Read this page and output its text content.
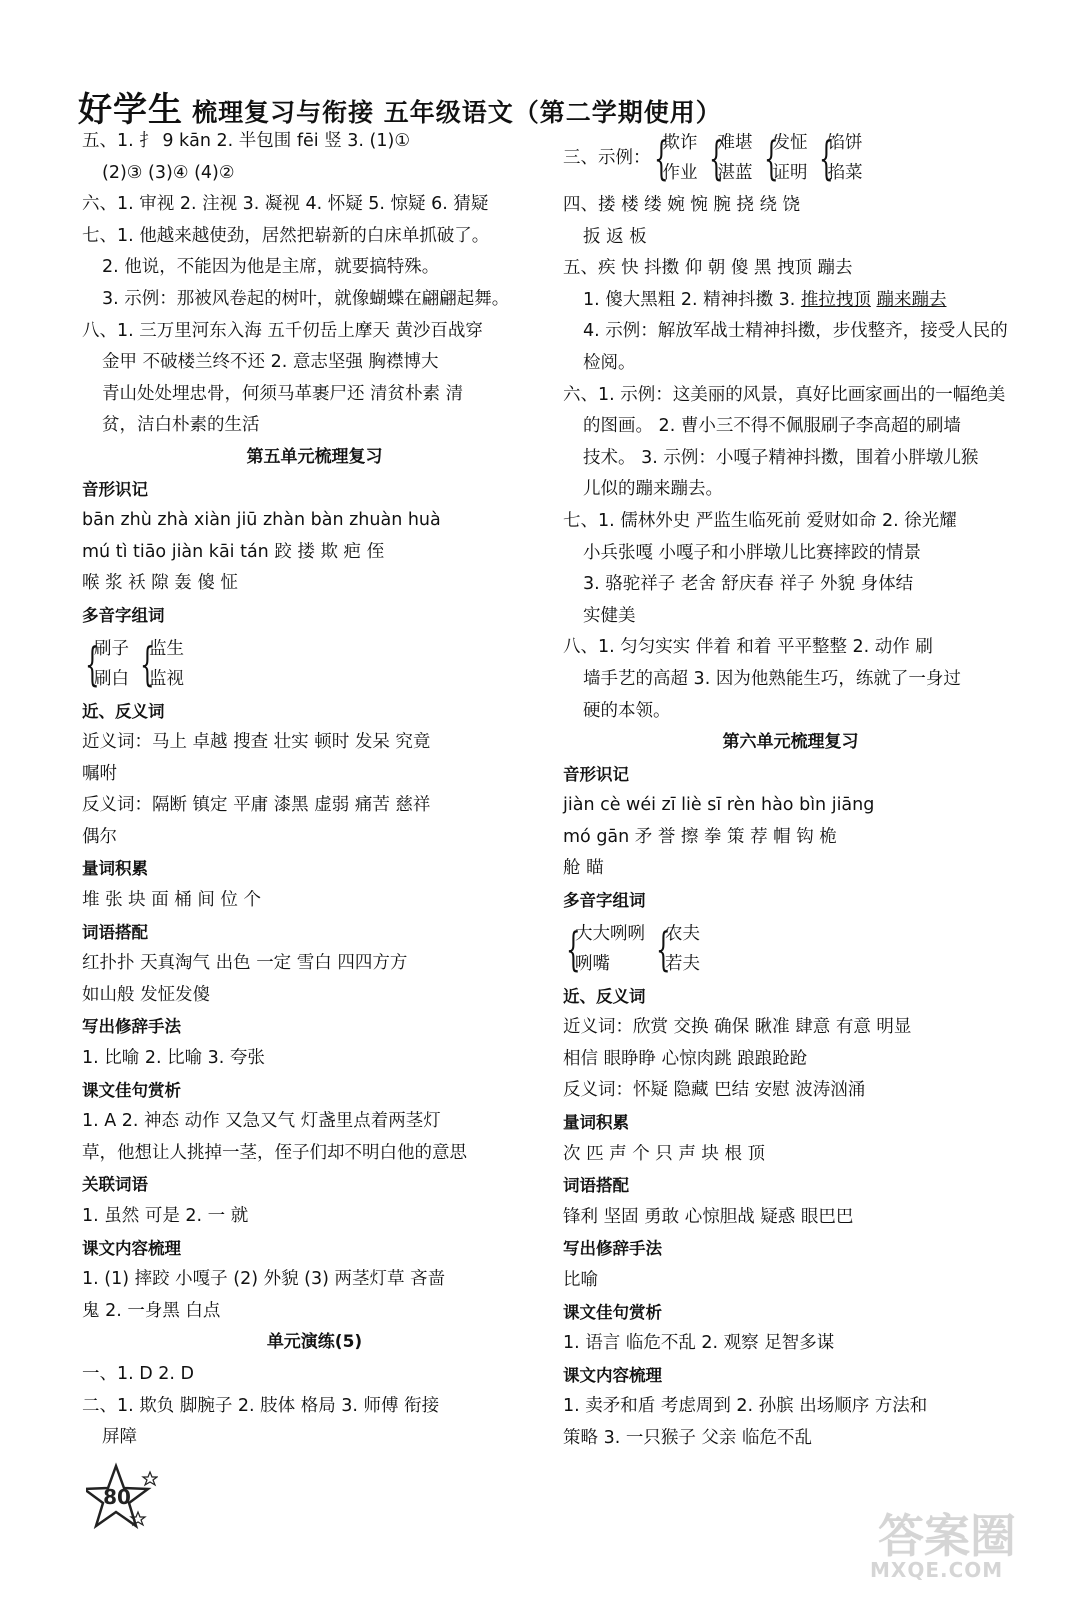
好学生 梳理复习与衔接 五年级语文（第二学期使用）
五、1. 扌 9 kān 2. 半包围 fēi 竖 3. (1)①
(2)③ (3)④ (4)②
六、1. 审视 2. 注视 3. 凝视 4. 怀疑 5. 惊疑 6. 猜疑
七、1. 他越来越使劲，居然把崭新的白床单抓破了。
2. 他说，不能因为他是主席，就要搞特殊。
3. 示例：那被风卷起的树叶，就像蝴蝶在翩翩起舞。
八、1. 三万里河东入海 五千仞岳上摩天 黄沙百战穿
金甲 不破楼兰终不还 2. 意志坚强 胸襟博大
青山处处埋忠骨，何须马革裹尸还 清贫朴素 清
贫，洁白朴素的生活
第五单元梳理复习
音形识记
bān zhù zhà xiàn jiū zhàn bàn zhuàn huà
mú tì tiāo jiàn kāi tán 跤 搂 欺 疤 侄
喉 浆 袄 隙 轰 傻 怔
多音字组词
{
刷子
刷白 {
监生
监视
近、反义词
近义词：马上 卓越 搜查 壮实 顿时 发呆 究竟
嘱咐
反义词：隔断 镇定 平庸 漆黑 虚弱 痛苦 慈祥
偶尔
量词积累
堆 张 块 面 桶 间 位 个
词语搭配
红扑扑 天真淘气 出色 一定 雪白 四四方方
如山般 发怔发傻
写出修辞手法
1. 比喻 2. 比喻 3. 夸张
课文佳句赏析
1. A 2. 神态 动作 又急又气 灯盏里点着两茎灯
草，他想让人挑掉一茎，侄子们却不明白他的意思
关联词语
1. 虽然 可是 2. 一 就
课文内容梳理
1. (1) 摔跤 小嘎子 (2) 外貌 (3) 两茎灯草 吝啬
鬼 2. 一身黑 白点
单元演练(5)
一、1. D 2. D
二、1. 欺负 脚腕子 2. 肢体 格局 3. 师傅 衔接
屏障
三、示例： {
欺诈
作业 {
难堪
湛蓝 {
发怔
证明 {
馅饼
掐菜
四、搂 楼 缕 婉 惋 腕 挠 绕 饶
扳 返 板
五、疾 快 抖擞 仰 朝 傻 黑 拽顶 蹦去
1. 傻大黑粗 2. 精神抖擞 3. 推拉拽顶 蹦来蹦去
4. 示例：解放军战士精神抖擞，步伐整齐，接受人民的
检阅。
六、1. 示例：这美丽的风景，真好比画家画出的一幅绝美
的图画。 2. 曹小三不得不佩服刷子李高超的刷墙
技术。 3. 示例：小嘎子精神抖擞，围着小胖墩儿猴
儿似的蹦来蹦去。
七、1. 儒林外史 严监生临死前 爱财如命 2. 徐光耀
小兵张嘎 小嘎子和小胖墩儿比赛摔跤的情景
3. 骆驼祥子 老舍 舒庆春 祥子 外貌 身体结
实健美
八、1. 匀匀实实 伴着 和着 平平整整 2. 动作 刷
墙手艺的高超 3. 因为他熟能生巧，练就了一身过
硬的本领。
第六单元梳理复习
音形识记
jiàn cè wéi zī liè sī rèn hào bìn jiāng
mó gān 矛 誉 擦 拳 策 荐 帽 钩 桅
舱 瞄
多音字组词
{
大大咧咧
咧嘴	{
农夫
若夫
近、反义词
近义词：欣赏 交换 确保 瞅准 肆意 有意 明显
相信 眼睁睁 心惊肉跳 踉踉跄跄
反义词：怀疑 隐藏 巴结 安慰 波涛汹涌
量词积累
次 匹 声 个 只 声 块 根 顶
词语搭配
锋利 坚固 勇敢 心惊胆战 疑惑 眼巴巴
写出修辞手法
比喻
课文佳句赏析
1. 语言 临危不乱 2. 观察 足智多谋
课文内容梳理
1. 卖矛和盾 考虑周到 2. 孙膑 出场顺序 方法和
策略 3. 一只猴子 父亲 临危不乱
80
答案圈
MXQE.COM
